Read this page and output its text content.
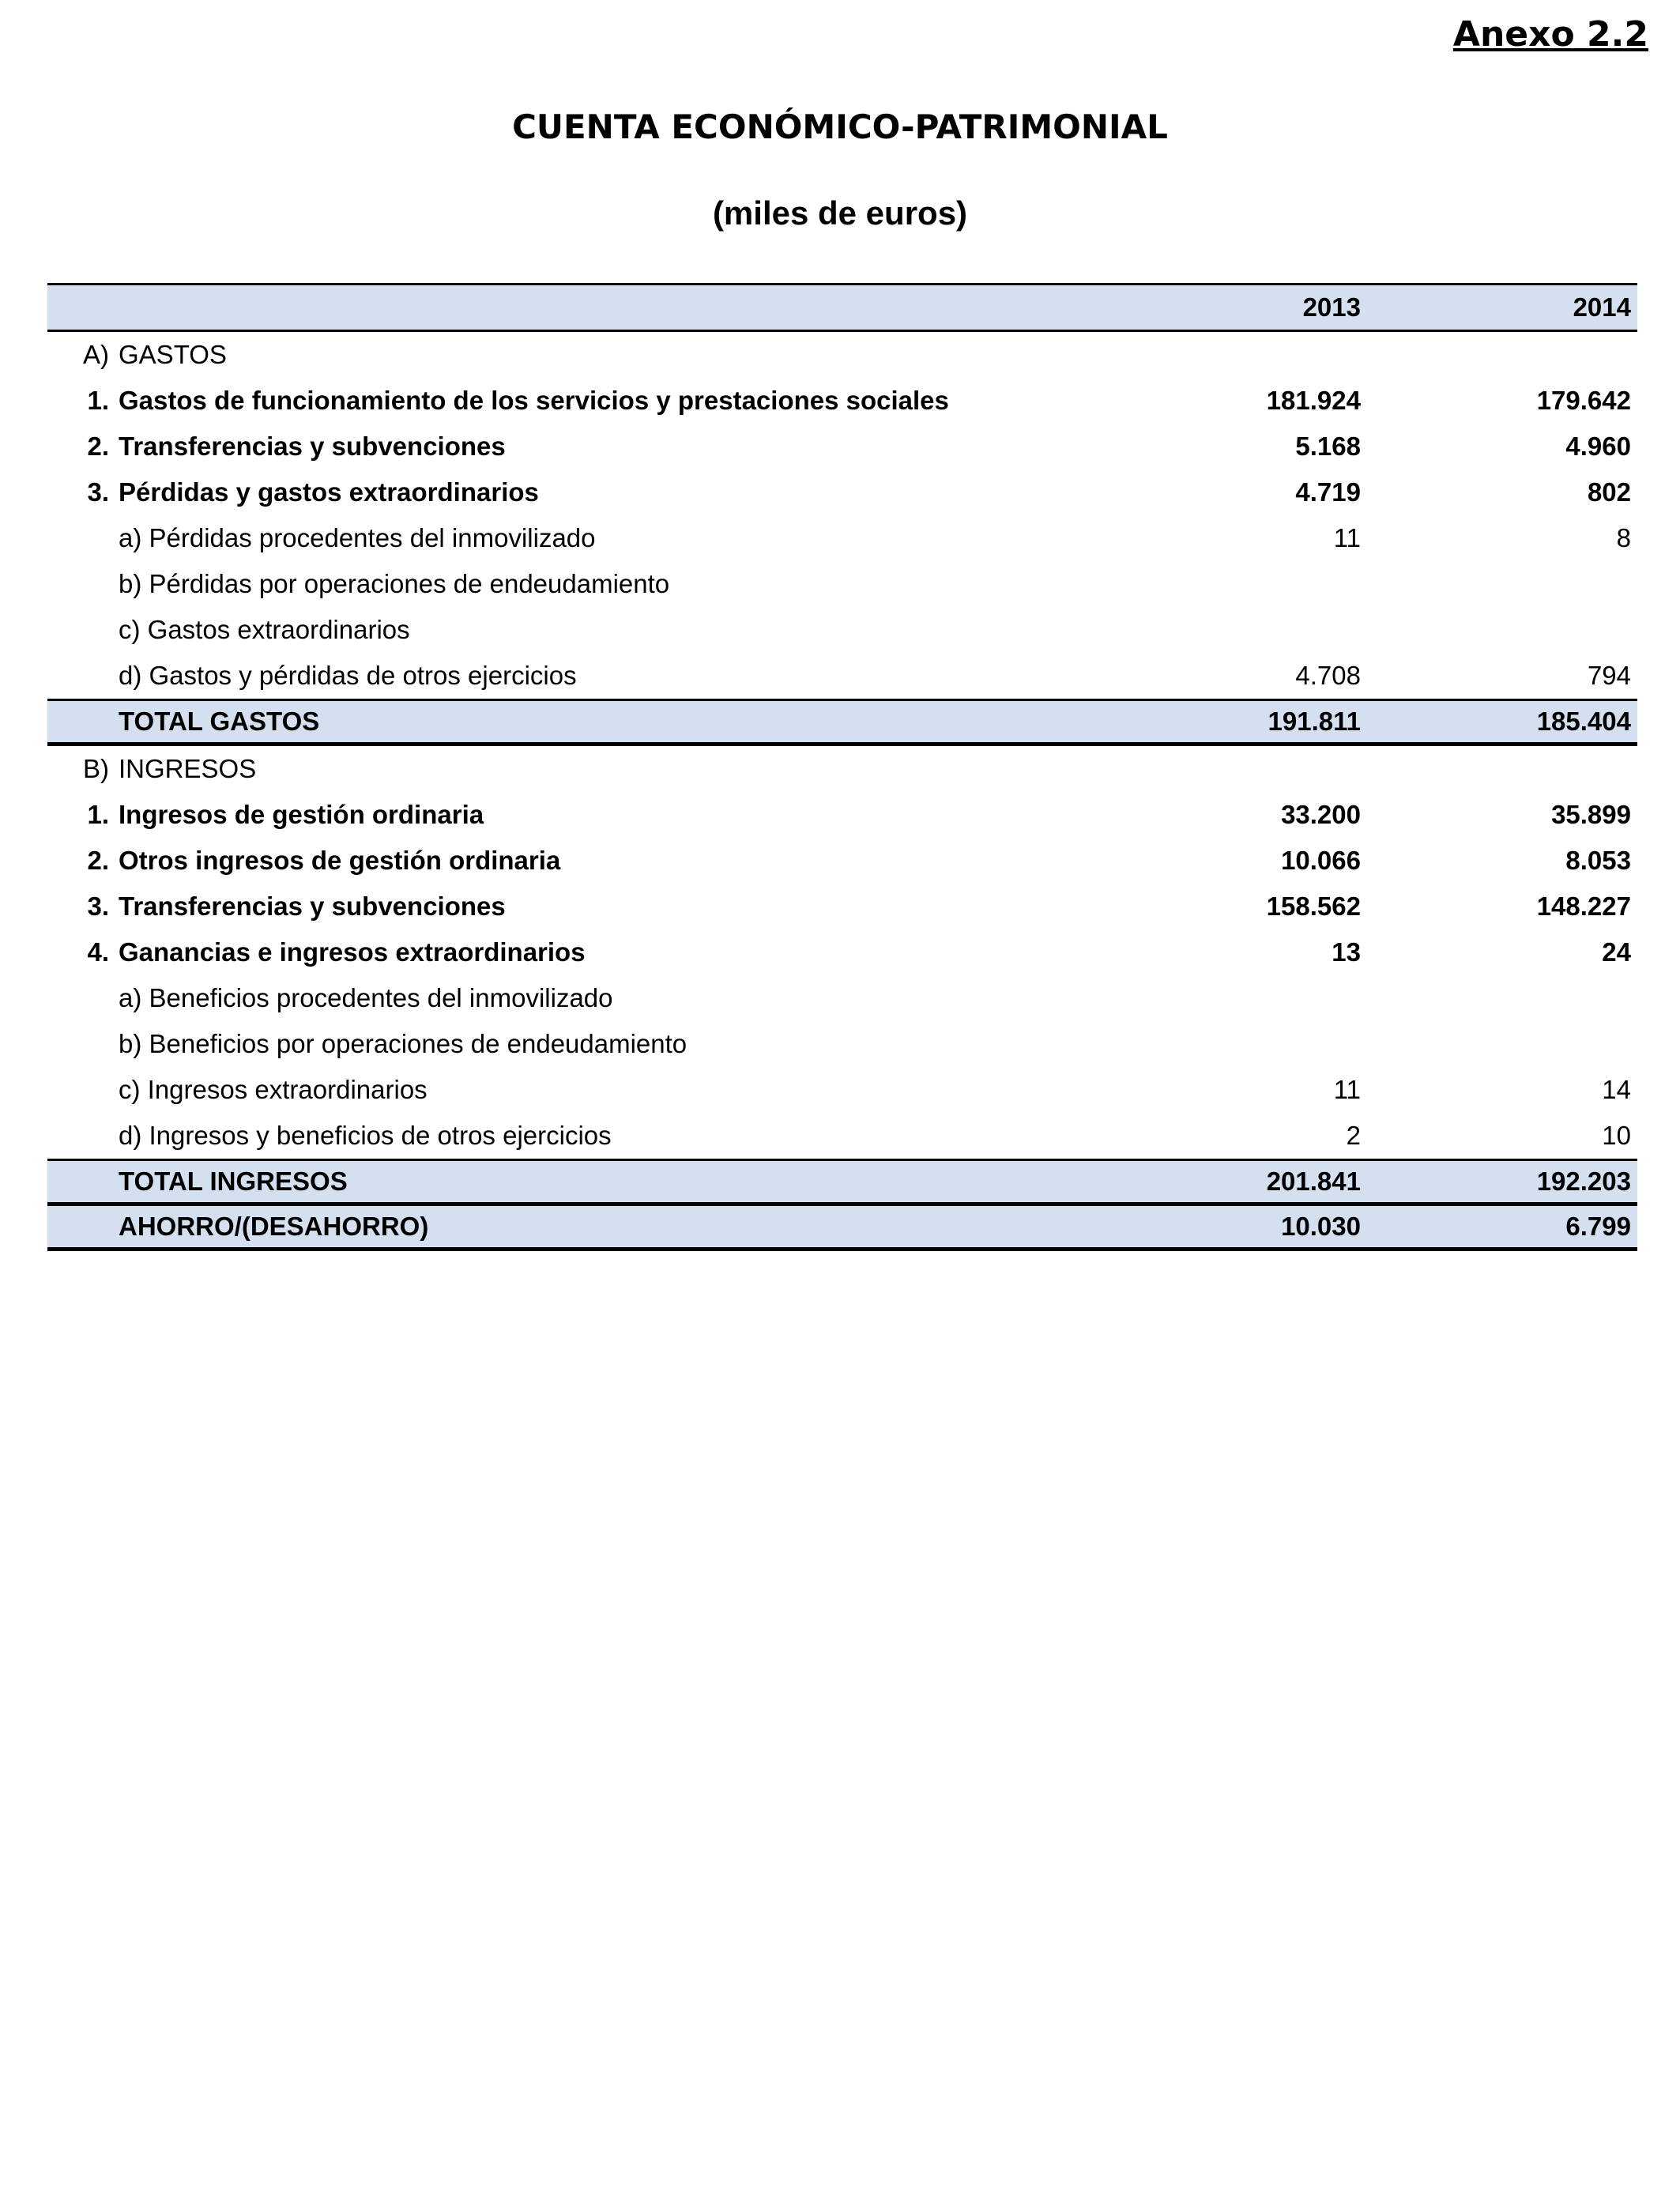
Anexo 2.2
CUENTA ECONÓMICO-PATRIMONIAL
(miles de euros)
		2013	2014
A)	GASTOS		
1.	Gastos de funcionamiento de los servicios y prestaciones sociales	181.924	179.642
2.	Transferencias y subvenciones	5.168	4.960
3.	Pérdidas y gastos extraordinarios	4.719	802
	a) Pérdidas procedentes del inmovilizado	11	8
	b) Pérdidas por operaciones de endeudamiento		
	c) Gastos extraordinarios		
	d) Gastos y pérdidas de otros ejercicios	4.708	794
	TOTAL GASTOS	191.811	185.404
B)	INGRESOS		
1.	Ingresos de gestión ordinaria	33.200	35.899
2.	Otros ingresos de gestión ordinaria	10.066	8.053
3.	Transferencias y subvenciones	158.562	148.227
4.	Ganancias e ingresos extraordinarios	13	24
	a) Beneficios procedentes del inmovilizado		
	b) Beneficios por operaciones de endeudamiento		
	c) Ingresos extraordinarios	11	14
	d) Ingresos y beneficios de otros ejercicios	2	10
	TOTAL INGRESOS	201.841	192.203
	AHORRO/(DESAHORRO)	10.030	6.799
